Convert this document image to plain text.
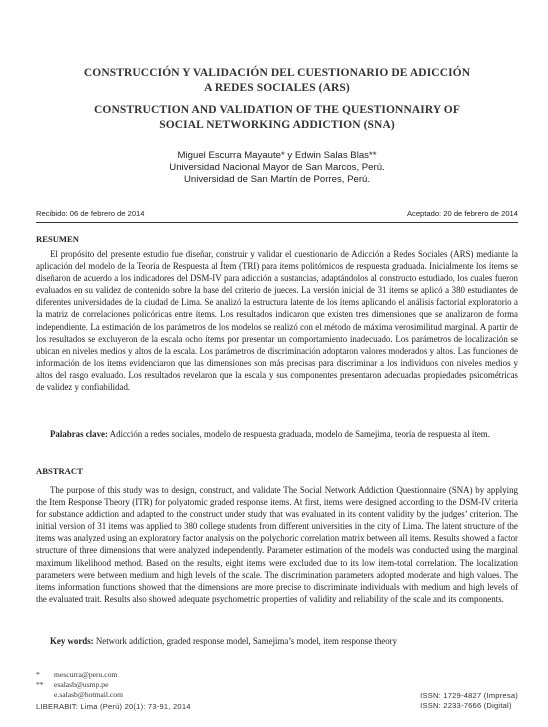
CONSTRUCCIÓN Y VALIDACIÓN DEL CUESTIONARIO DE ADICCIÓN
A REDES SOCIALES (ARS)
CONSTRUCTION AND VALIDATION OF THE QUESTIONNAIRY OF
SOCIAL NETWORKING ADDICTION (SNA)
Miguel Escurra Mayaute* y Edwin Salas Blas**
Universidad Nacional Mayor de San Marcos, Perú.
Universidad de San Martín de Porres, Perú.
Recibido: 06 de febrero de 2014	Aceptado: 20 de febrero de 2014
RESUMEN
El propósito del presente estudio fue diseñar, construir y validar el cuestionario de Adicción a Redes Sociales (ARS) mediante la aplicación del modelo de la Teoría de Respuesta al Ítem (TRI) para ítems politómicos de respuesta graduada. Inicialmente los ítems se diseñaron de acuerdo a los indicadores del DSM-IV para adicción a sustancias, adaptándolos al constructo estudiado, los cuales fueron evaluados en su validez de contenido sobre la base del criterio de jueces. La versión inicial de 31 ítems se aplicó a 380 estudiantes de diferentes universidades de la ciudad de Lima. Se analizó la estructura latente de los ítems aplicando el análisis factorial exploratorio a la matriz de correlaciones policóricas entre ítems. Los resultados indicaron que existen tres dimensiones que se analizaron de forma independiente. La estimación de los parámetros de los modelos se realizó con el método de máxima verosimilitud marginal. A partir de los resultados se excluyeron de la escala ocho ítems por presentar un comportamiento inadecuado. Los parámetros de localización se ubican en niveles medios y altos de la escala. Los parámetros de discriminación adoptaron valores moderados y altos. Las funciones de información de los ítems evidenciaron que las dimensiones son más precisas para discriminar a los individuos con niveles medios y altos del rasgo evaluado. Los resultados revelaron que la escala y sus componentes presentaron adecuadas propiedades psicométricas de validez y confiabilidad.
Palabras clave: Adicción a redes sociales, modelo de respuesta graduada, modelo de Samejima, teoría de respuesta al ítem.
ABSTRACT
The purpose of this study was to design, construct, and validate The Social Network Addiction Questionnaire (SNA) by applying the Item Response Theory (ITR) for polyatomic graded response items. At first, items were designed according to the DSM-IV criteria for substance addiction and adapted to the construct under study that was evaluated in its content validity by the judges’ criterion. The initial version of 31 items was applied to 380 college students from different universities in the city of Lima. The latent structure of the items was analyzed using an exploratory factor analysis on the polychoric correlation matrix between all items. Results showed a factor structure of three dimensions that were analyzed independently. Parameter estimation of the models was conducted using the marginal maximum likelihood method. Based on the results, eight items were excluded due to its low item-total correlation. The localization parameters were between medium and high levels of the scale. The discrimination parameters adopted moderate and high values. The items information functions showed that the dimensions are more precise to discriminate individuals with medium and high levels of the evaluated trait. Results also showed adequate psychometric properties of validity and reliability of the scale and its components.
Key words: Network addiction, graded response model, Samejima’s model, item response theory
*	mescurra@peru.com
**	esalasb@usmp.pe
e.salasb@hotmail.com
LIBERABIT: Lima (Perú) 20(1): 73-91, 2014
ISSN: 1729-4827 (Impresa)
ISSN: 2233-7666 (Digital)
